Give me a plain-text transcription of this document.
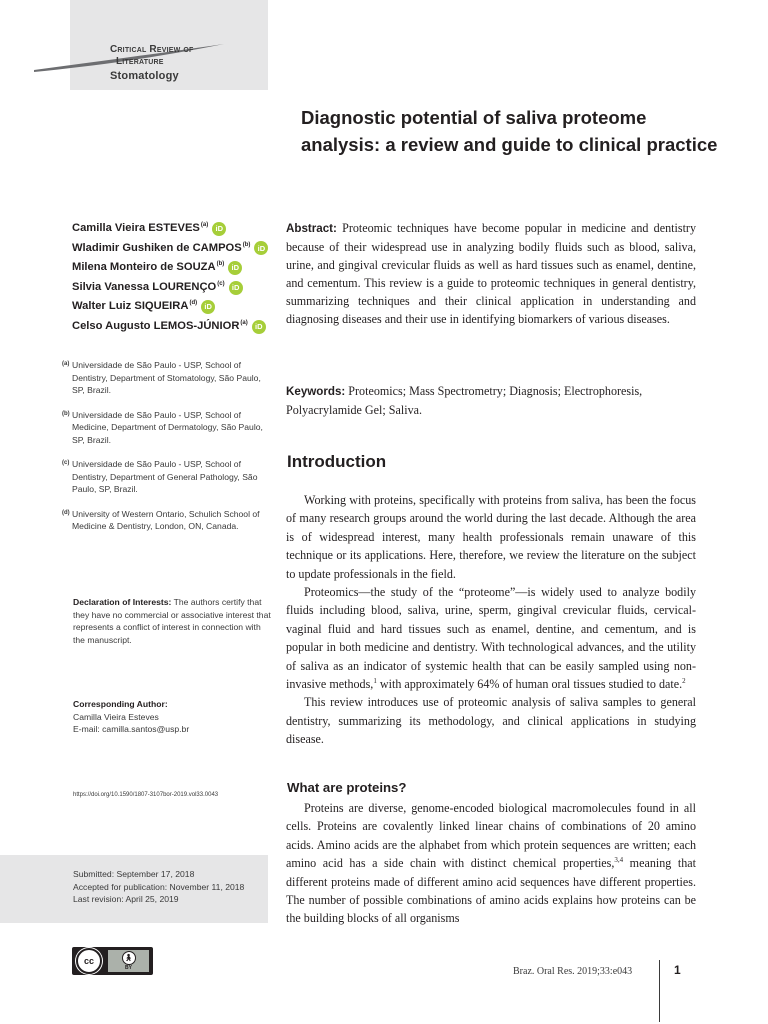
Critical Review of
Literature
Stomatology
Diagnostic potential of saliva proteome analysis: a review and guide to clinical practice
Camilla Vieira ESTEVES$^{(a)}$ iD
Wladimir Gushiken de CAMPOS$^{(b)}$ iD
Milena Monteiro de SOUZA$^{(b)}$ iD
Silvia Vanessa LOURENÇO$^{(c)}$ iD
Walter Luiz SIQUEIRA$^{(d)}$ iD
Celso Augusto LEMOS-JÚNIOR$^{(a)}$ iD
(a) Universidade de São Paulo - USP, School of Dentistry, Department of Stomatology, São Paulo, SP, Brazil.
(b) Universidade de São Paulo - USP, School of Medicine, Department of Dermatology, São Paulo, SP, Brazil.
(c) Universidade de São Paulo - USP, School of Dentistry, Department of General Pathology, São Paulo, SP, Brazil.
(d) University of Western Ontario, Schulich School of Medicine & Dentistry, London, ON, Canada.
Declaration of Interests: The authors certify that they have no commercial or associative interest that represents a conflict of interest in connection with the manuscript.
Corresponding Author:
Camilla Vieira Esteves
E-mail: camilla.santos@usp.br
https://doi.org/10.1590/1807-3107bor-2019.vol33.0043
Submitted: September 17, 2018
Accepted for publication: November 11, 2018
Last revision: April 25, 2019
cc	🚶︎
BY
Abstract: Proteomic techniques have become popular in medicine and dentistry because of their widespread use in analyzing bodily fluids such as blood, saliva, urine, and gingival crevicular fluids as well as hard tissues such as enamel, dentine, and cementum. This review is a guide to proteomic techniques in general dentistry, summarizing techniques and their clinical application in understanding and diagnosing diseases and their use in identifying biomarkers of various diseases.
Keywords: Proteomics; Mass Spectrometry; Diagnosis; Electrophoresis, Polyacrylamide Gel; Saliva.
Introduction

Working with proteins, specifically with proteins from saliva, has been the focus of many research groups around the world during the last decade. Although the area is of widespread interest, many health professionals remain unaware of this technique or its applications. Here, therefore, we review the literature on the subject to update professionals in the field.

Proteomics—the study of the “proteome”—is widely used to analyze bodily fluids including blood, saliva, urine, sperm, gingival crevicular fluids, cervical-vaginal fluid and hard tissues such as enamel, dentine, and cementum, and is popular in both medicine and dentistry. With technological advances, and the utility of saliva as an indicator of systemic health that can be easily sampled using non-invasive methods,$^1$ with approximately 64% of human oral tissues studied to date.$^2$

This review introduces use of proteomic analysis of saliva samples to general dentistry, summarizing its methodology, and clinical applications in studying disease.

What are proteins?

Proteins are diverse, genome-encoded biological macromolecules found in all cells. Proteins are covalently linked linear chains of combinations of 20 amino acids. Amino acids are the alphabet from which protein sequences are written; each amino acid has a side chain with distinct chemical properties,$^{3,4}$ meaning that different proteins made of different amino acid sequences have different properties. The number of possible combinations of amino acids explains how proteins can be the building blocks of all organisms

Braz. Oral Res. 2019;33:e043	1
